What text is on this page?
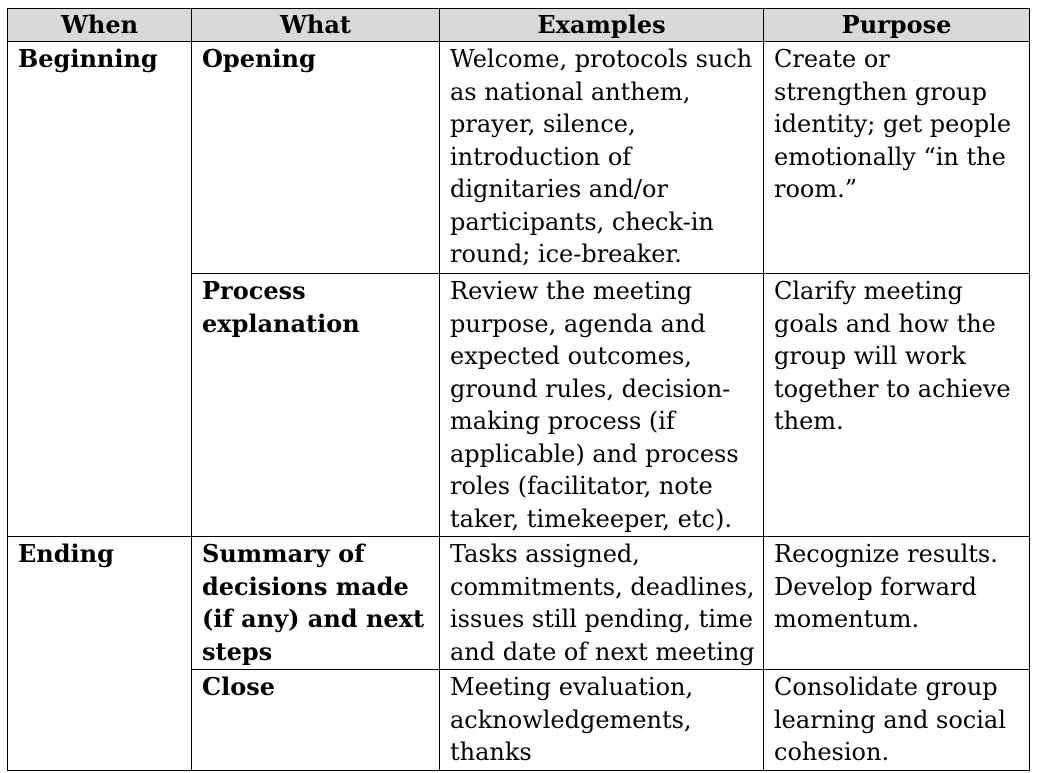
When	What	Examples	Purpose
Beginning	Opening	Welcome, protocols such as national anthem, prayer, silence, introduction of dignitaries and/or participants, check-in round; ice-breaker.	Create or strengthen group identity; get people emotionally “in the room.”
	Process explanation	Review the meeting purpose, agenda and expected outcomes, ground rules, decision-making process (if applicable) and process roles (facilitator, note taker, timekeeper, etc).	Clarify meeting goals and how the group will work together to achieve them.
Ending	Summary of decisions made (if any) and next steps	Tasks assigned, commitments, deadlines, issues still pending, time and date of next meeting	Recognize results. Develop forward momentum.
	Close	Meeting evaluation, acknowledgements, thanks	Consolidate group learning and social cohesion.
